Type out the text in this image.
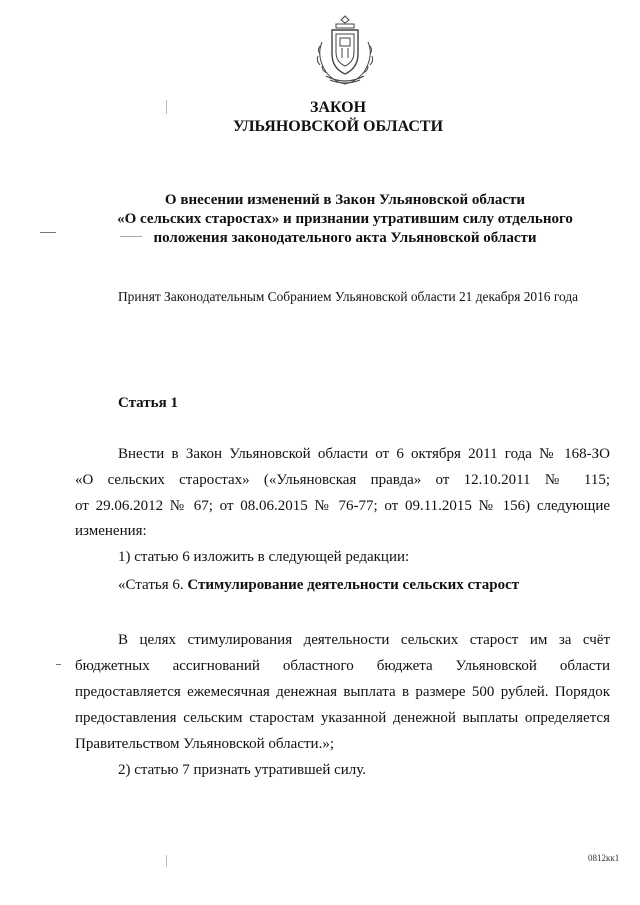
ЗАКОН
УЛЬЯНОВСКОЙ ОБЛАСТИ
О внесении изменений в Закон Ульяновской области
«О сельских старостах» и признании утратившим силу отдельного
положения законодательного акта Ульяновской области
Принят Законодательным Собранием Ульяновской области 21 декабря 2016 года
Статья 1
Внести в Закон Ульяновской области от 6 октября 2011 года № 168-ЗО
«О сельских старостах» («Ульяновская правда» от 12.10.2011 № 115;
от 29.06.2012 № 67; от 08.06.2015 № 76-77; от 09.11.2015 № 156) следующие
изменения:
1) статью 6 изложить в следующей редакции:
«Статья 6. Стимулирование деятельности сельских старост
В целях стимулирования деятельности сельских старост им за счёт
бюджетных ассигнований областного бюджета Ульяновской области
предоставляется ежемесячная денежная выплата в размере 500 рублей. Порядок
предоставления сельским старостам указанной денежной выплаты определяется
Правительством Ульяновской области.»;
2) статью 7 признать утратившей силу.
0812кк1
